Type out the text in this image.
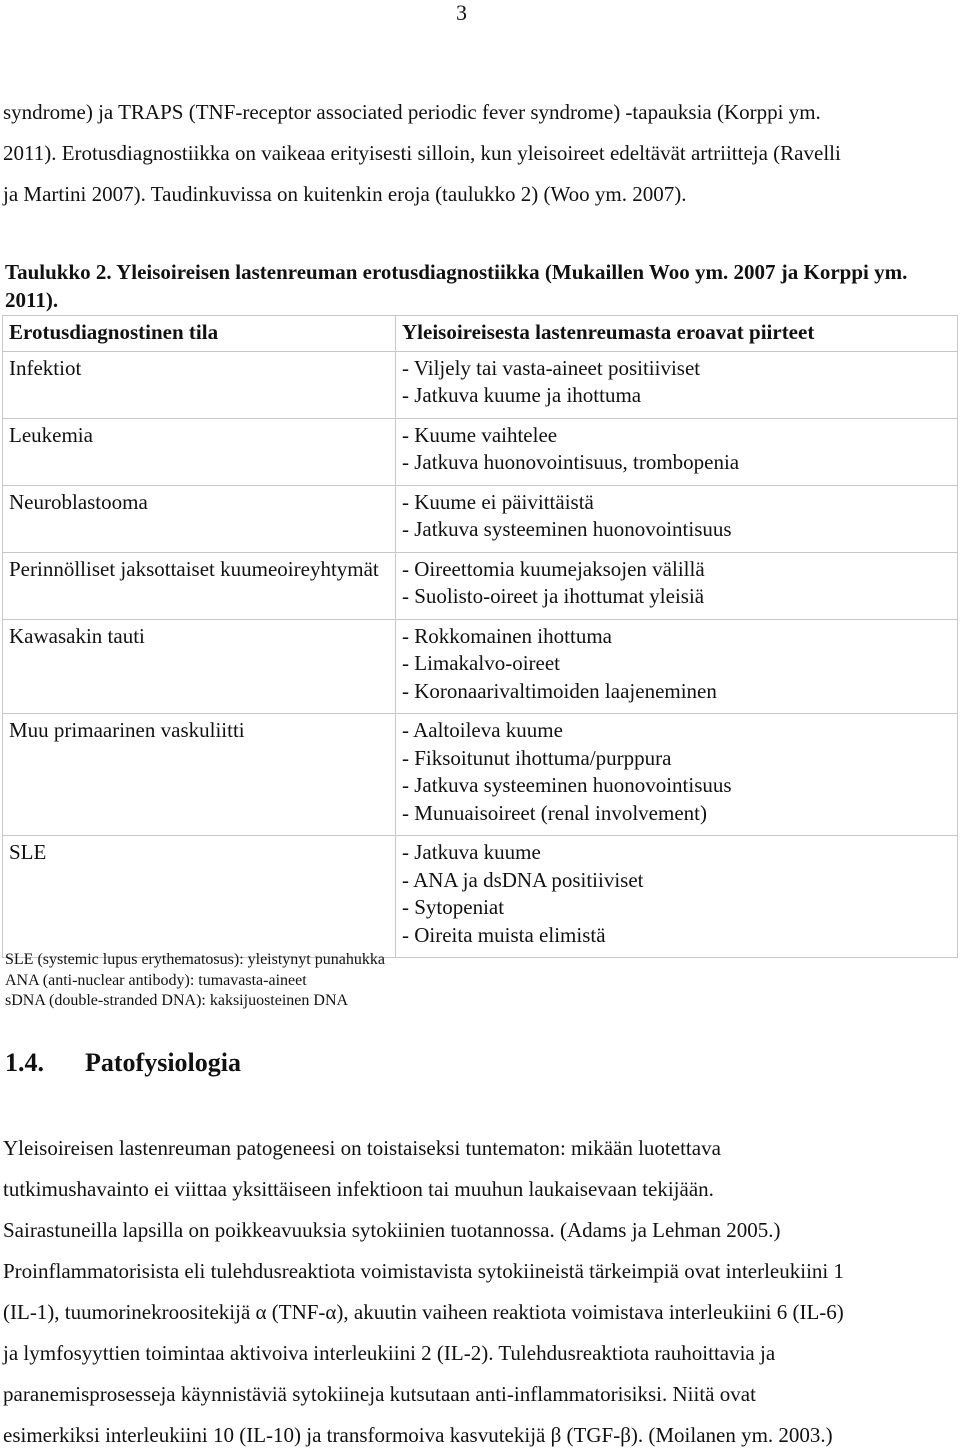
3

syndrome) ja TRAPS (TNF-receptor associated periodic fever syndrome) -tapauksia (Korppi ym.
2011). Erotusdiagnostiikka on vaikeaa erityisesti silloin, kun yleisoireet edeltävät artriitteja (Ravelli
ja Martini 2007). Taudinkuvissa on kuitenkin eroja (taulukko 2) (Woo ym. 2007).

Taulukko 2. Yleisoireisen lastenreuman erotusdiagnostiikka (Mukaillen Woo ym. 2007 ja Korppi ym. 2011).

Erotusdiagnostinen tila	Yleisoireisesta lastenreumasta eroavat piirteet
Infektiot	- Viljely tai vasta-aineet positiiviset
- Jatkuva kuume ja ihottuma

Leukemia	- Kuume vaihtelee
- Jatkuva huonovointisuus, trombopenia

Neuroblastooma	- Kuume ei päivittäistä
- Jatkuva systeeminen huonovointisuus

Perinnölliset jaksottaiset kuumeoireyhtymät	- Oireettomia kuumejaksojen välillä
- Suolisto-oireet ja ihottumat yleisiä

Kawasakin tauti	- Rokkomainen ihottuma
- Limakalvo-oireet
- Koronaarivaltimoiden laajeneminen

Muu primaarinen vaskuliitti	- Aaltoileva kuume
- Fiksoitunut ihottuma/purppura
- Jatkuva systeeminen huonovointisuus
- Munuaisoireet (renal involvement)

SLE	- Jatkuva kuume
- ANA ja dsDNA positiiviset
- Sytopeniat
- Oireita muista elimistä
SLE (systemic lupus erythematosus): yleistynyt punahukka
ANA (anti-nuclear antibody): tumavasta-aineet
sDNA (double-stranded DNA): kaksijuosteinen DNA
1.4. Patofysiologia

Yleisoireisen lastenreuman patogeneesi on toistaiseksi tuntematon: mikään luotettava
tutkimushavainto ei viittaa yksittäiseen infektioon tai muuhun laukaisevaan tekijään.
Sairastuneilla lapsilla on poikkeavuuksia sytokiinien tuotannossa. (Adams ja Lehman 2005.)
Proinflammatorisista eli tulehdusreaktiota voimistavista sytokiineistä tärkeimpiä ovat interleukiini 1
(IL-1), tuumorinekroositekijä α (TNF-α), akuutin vaiheen reaktiota voimistava interleukiini 6 (IL-6)
ja lymfosyyttien toimintaa aktivoiva interleukiini 2 (IL-2). Tulehdusreaktiota rauhoittavia ja
paranemisprosesseja käynnistäviä sytokiineja kutsutaan anti-inflammatorisiksi. Niitä ovat
esimerkiksi interleukiini 10 (IL-10) ja transformoiva kasvutekijä β (TGF-β). (Moilanen ym. 2003.)
